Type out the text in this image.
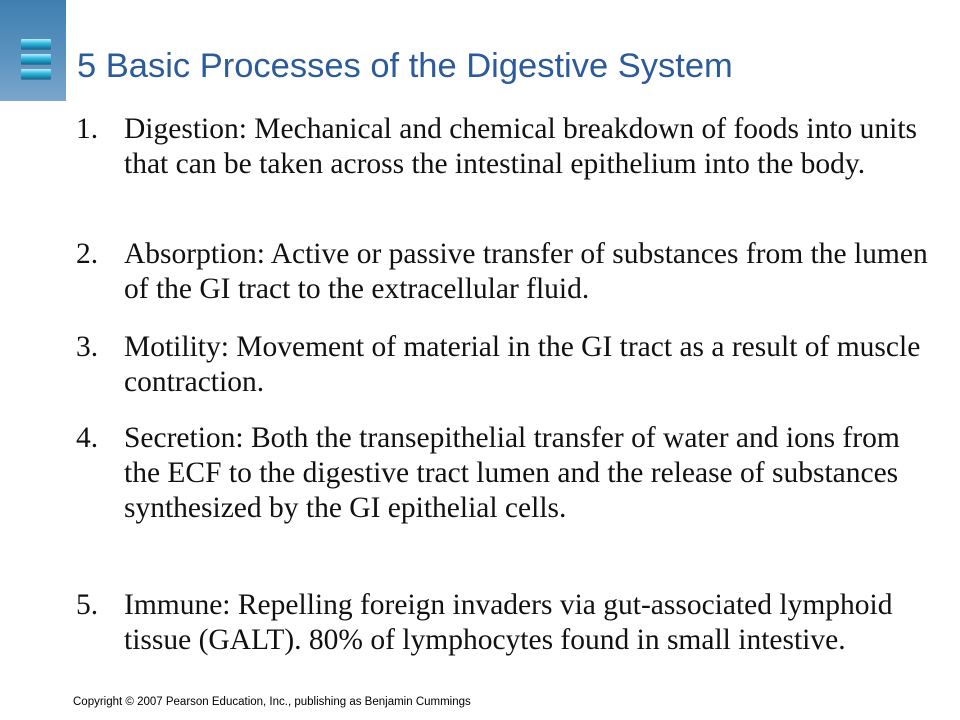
5 Basic Processes of the Digestive System
1. Digestion: Mechanical and chemical breakdown of foods into units that can be taken across the intestinal epithelium into the body.
2. Absorption: Active or passive transfer of substances from the lumen of the GI tract to the extracellular fluid.
3. Motility: Movement of material in the GI tract as a result of muscle contraction.
4. Secretion: Both the transepithelial transfer of water and ions from the ECF to the digestive tract lumen and the release of substances synthesized by the GI epithelial cells.
5. Immune: Repelling foreign invaders via gut-associated lymphoid tissue (GALT). 80% of lymphocytes found in small intestive.
Copyright © 2007 Pearson Education, Inc., publishing as Benjamin Cummings
